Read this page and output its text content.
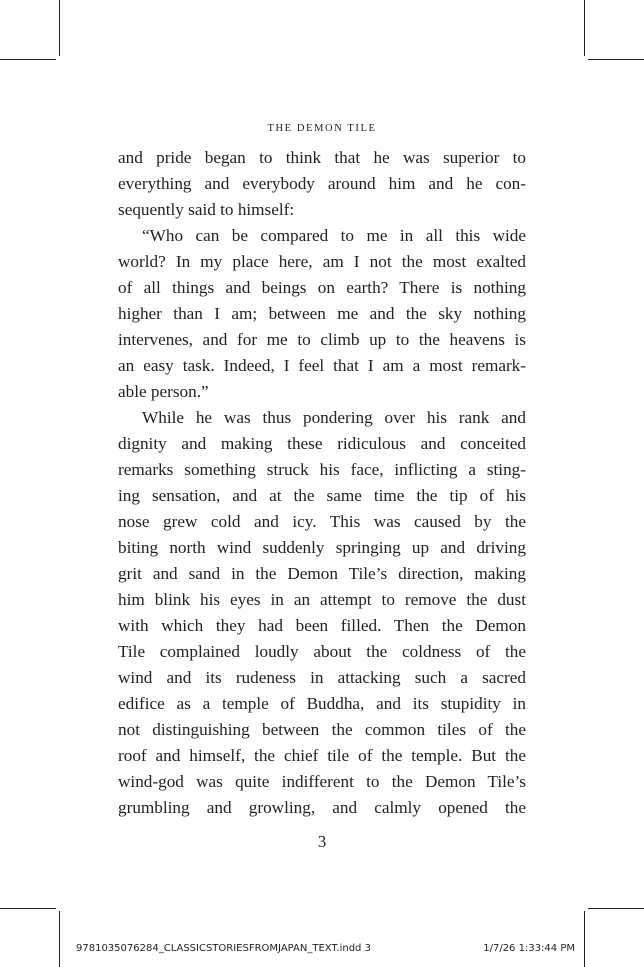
THE DEMON TILE
and pride began to think that he was superior to
everything and everybody around him and he con-
sequently said to himself:
“Who can be compared to me in all this wide
world? In my place here, am I not the most exalted
of all things and beings on earth? There is nothing
higher than I am; between me and the sky nothing
intervenes, and for me to climb up to the heavens is
an easy task. Indeed, I feel that I am a most remark-
able person.”
While he was thus pondering over his rank and
dignity and making these ridiculous and conceited
remarks something struck his face, inflicting a sting-
ing sensation, and at the same time the tip of his
nose grew cold and icy. This was caused by the
biting north wind suddenly springing up and driving
grit and sand in the Demon Tile’s direction, making
him blink his eyes in an attempt to remove the dust
with which they had been filled. Then the Demon
Tile complained loudly about the coldness of the
wind and its rudeness in attacking such a sacred
edifice as a temple of Buddha, and its stupidity in
not distinguishing between the common tiles of the
roof and himself, the chief tile of the temple. But the
wind-god was quite indifferent to the Demon Tile’s
grumbling and growling, and calmly opened the
3
9781035076284_CLASSICSTORIESFROMJAPAN_TEXT.indd 3	1/7/26 1:33:44 PM
